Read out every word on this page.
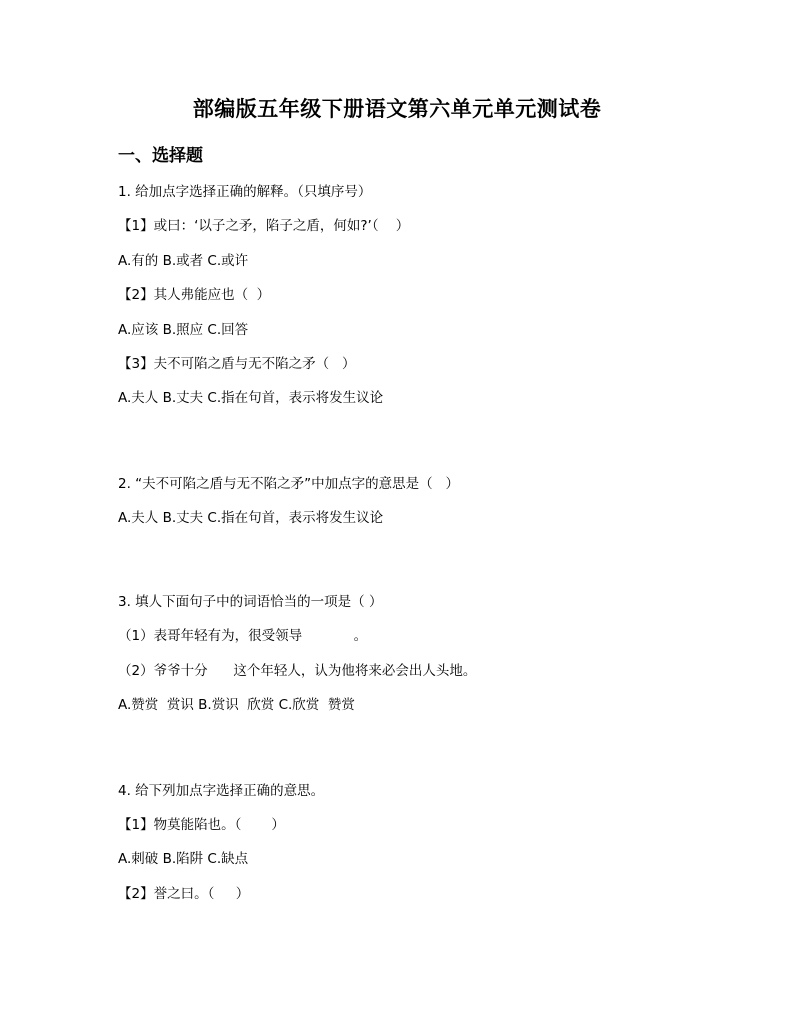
部编版五年级下册语文第六单元单元测试卷
一、选择题
1. 给加点字选择正确的解释。（只填序号）
【1】或曰：‘以子之矛，陷子之盾，何如?’（    ）
A.有的 B.或者 C.或许
【2】其人弗能应也（  ）
A.应该 B.照应 C.回答
【3】夫不可陷之盾与无不陷之矛（   ）
A.夫人 B.丈夫 C.指在句首，表示将发生议论
2. “夫不可陷之盾与无不陷之矛”中加点字的意思是（   ）
A.夫人 B.丈夫 C.指在句首，表示将发生议论
3. 填人下面句子中的词语恰当的一项是（ ）
（1）表哥年轻有为，很受领导            。
（2）爷爷十分      这个年轻人，认为他将来必会出人头地。
A.赞赏  赏识 B.赏识  欣赏 C.欣赏  赞赏
4. 给下列加点字选择正确的意思。
【1】物莫能陷也。（       ）
A.刺破 B.陷阱 C.缺点
【2】誉之曰。（     ）
